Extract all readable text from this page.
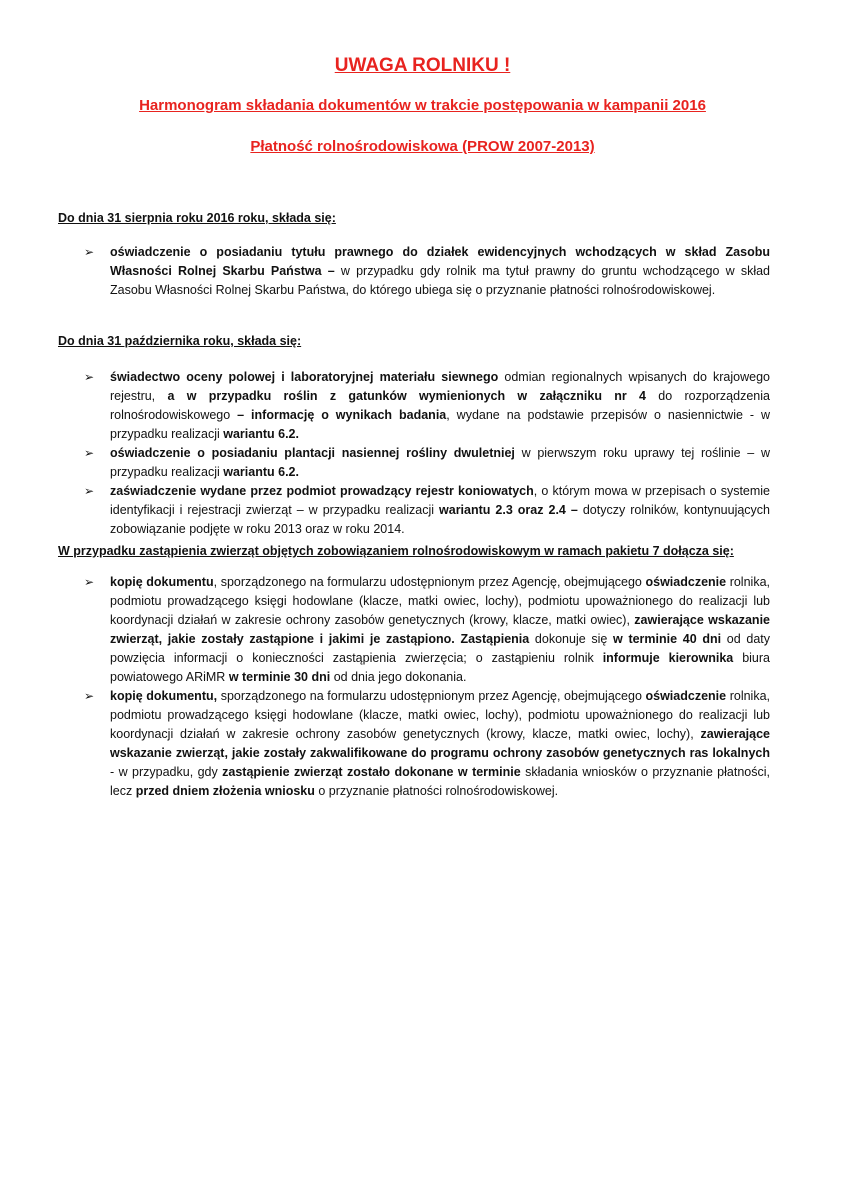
UWAGA ROLNIKU !
Harmonogram składania dokumentów w trakcie postępowania w kampanii 2016
Płatność rolnośrodowiskowa (PROW 2007-2013)

Do dnia 31 sierpnia roku 2016 roku, składa się:

➢ oświadczenie o posiadaniu tytułu prawnego do działek ewidencyjnych wchodzących w skład Zasobu Własności Rolnej Skarbu Państwa – w przypadku gdy rolnik ma tytuł prawny do gruntu wchodzącego w skład Zasobu Własności Rolnej Skarbu Państwa, do którego ubiega się o przyznanie płatności rolnośrodowiskowej.

Do dnia 31 października roku, składa się:

➢ świadectwo oceny polowej i laboratoryjnej materiału siewnego odmian regionalnych wpisanych do krajowego rejestru, a w przypadku roślin z gatunków wymienionych w załączniku nr 4 do rozporządzenia rolnośrodowiskowego – informację o wynikach badania, wydane na podstawie przepisów o nasiennictwie - w przypadku realizacji wariantu 6.2.
➢ oświadczenie o posiadaniu plantacji nasiennej rośliny dwuletniej w pierwszym roku uprawy tej roślinie – w przypadku realizacji wariantu 6.2.
➢ zaświadczenie wydane przez podmiot prowadzący rejestr koniowatych, o którym mowa w przepisach o systemie identyfikacji i rejestracji zwierząt – w przypadku realizacji wariantu 2.3 oraz 2.4 – dotyczy rolników, kontynuujących zobowiązanie podjęte w roku 2013 oraz w roku 2014.

W przypadku zastąpienia zwierząt objętych zobowiązaniem rolnośrodowiskowym w ramach pakietu 7 dołącza się:

➢ kopię dokumentu, sporządzonego na formularzu udostępnionym przez Agencję, obejmującego oświadczenie rolnika, podmiotu prowadzącego księgi hodowlane (klacze, matki owiec, lochy), podmiotu upoważnionego do realizacji lub koordynacji działań w zakresie ochrony zasobów genetycznych (krowy, klacze, matki owiec), zawierające wskazanie zwierząt, jakie zostały zastąpione i jakimi je zastąpiono. Zastąpienia dokonuje się w terminie 40 dni od daty powzięcia informacji o konieczności zastąpienia zwierzęcia; o zastąpieniu rolnik informuje kierownika biura powiatowego ARiMR w terminie 30 dni od dnia jego dokonania.
➢ kopię dokumentu, sporządzonego na formularzu udostępnionym przez Agencję, obejmującego oświadczenie rolnika, podmiotu prowadzącego księgi hodowlane (klacze, matki owiec, lochy), podmiotu upoważnionego do realizacji lub koordynacji działań w zakresie ochrony zasobów genetycznych (krowy, klacze, matki owiec, lochy), zawierające wskazanie zwierząt, jakie zostały zakwalifikowane do programu ochrony zasobów genetycznych ras lokalnych - w przypadku, gdy zastąpienie zwierząt zostało dokonane w terminie składania wniosków o przyznanie płatności, lecz przed dniem złożenia wniosku o przyznanie płatności rolnośrodowiskowej.
